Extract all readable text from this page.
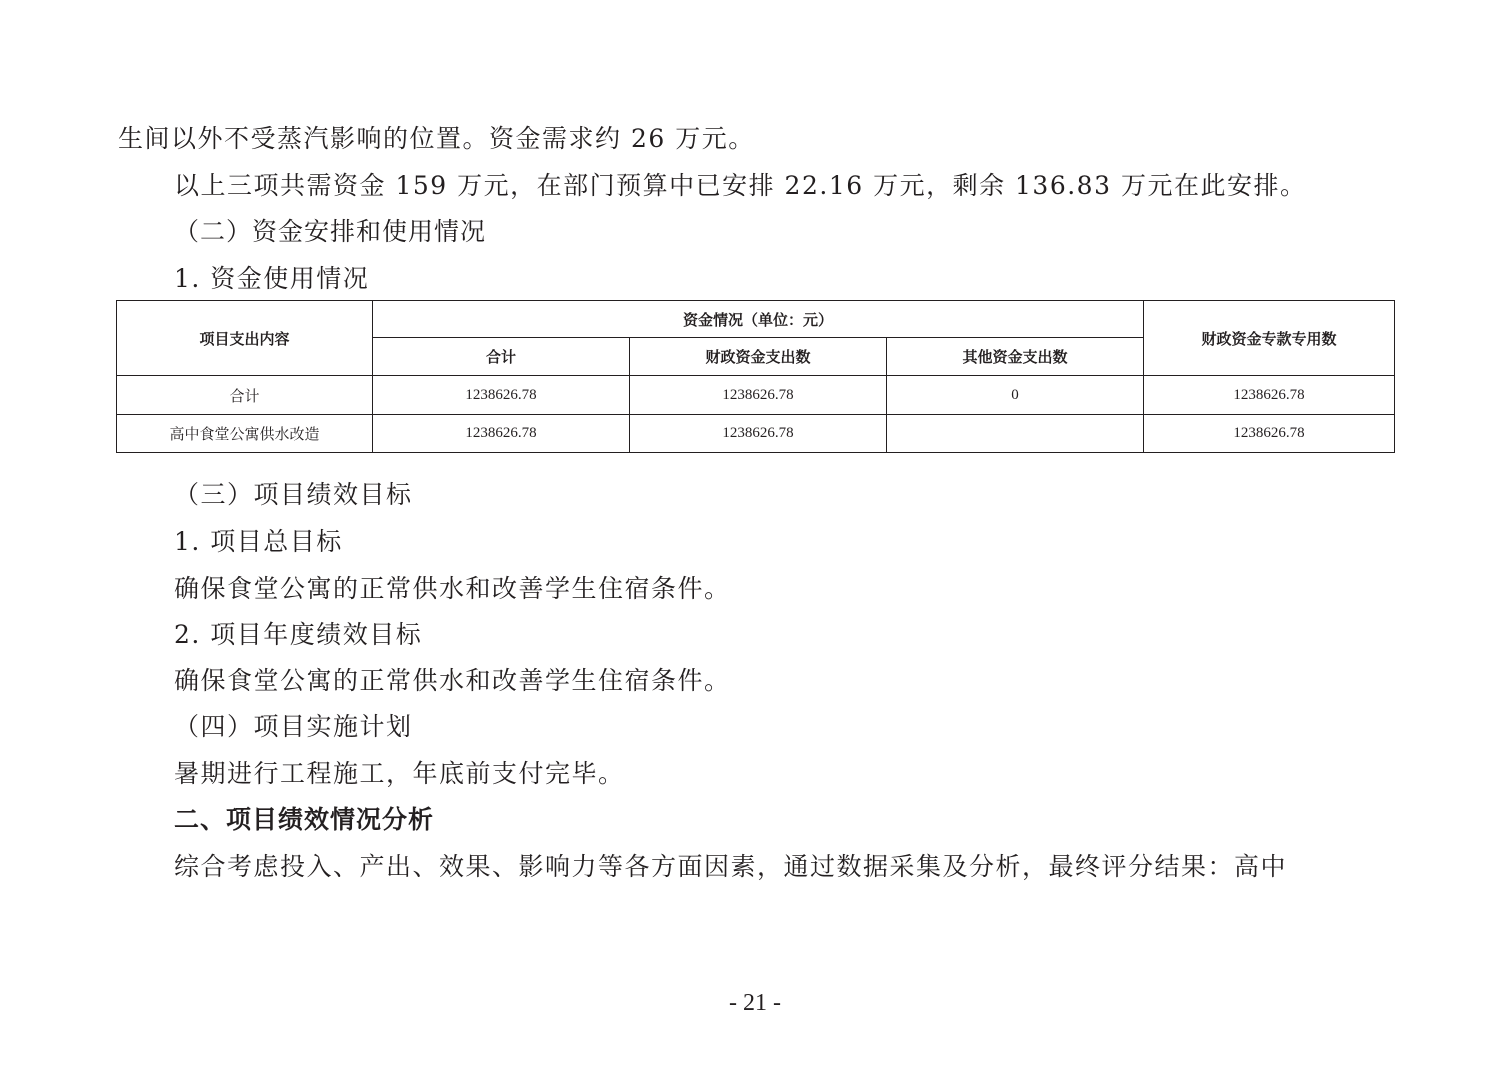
生间以外不受蒸汽影响的位置。资金需求约 26 万元。
以上三项共需资金 159 万元，在部门预算中已安排 22.16 万元，剩余 136.83 万元在此安排。
（二）资金安排和使用情况
1. 资金使用情况
项目支出内容	资金情况（单位：元）			财政资金专款专用数
	合计	财政资金支出数	其他资金支出数	
合计	1238626.78	1238626.78	0	1238626.78
高中食堂公寓供水改造	1238626.78	1238626.78		1238626.78
（三）项目绩效目标
1. 项目总目标
确保食堂公寓的正常供水和改善学生住宿条件。
2. 项目年度绩效目标
确保食堂公寓的正常供水和改善学生住宿条件。
（四）项目实施计划
暑期进行工程施工，年底前支付完毕。
二、项目绩效情况分析
综合考虑投入、产出、效果、影响力等各方面因素，通过数据采集及分析，最终评分结果：高中
- 21 -
